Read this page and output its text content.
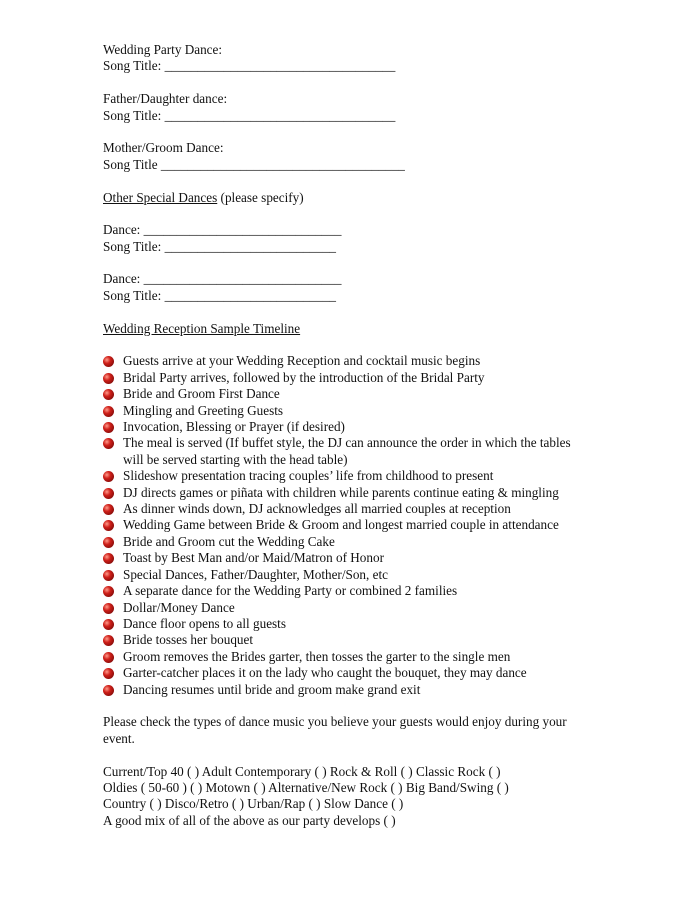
Wedding Party Dance:
Song Title: ___________________________________
Father/Daughter dance:
Song Title: ___________________________________
Mother/Groom Dance:
Song Title _____________________________________
Other Special Dances (please specify)
Dance: ______________________________
Song Title: __________________________
Dance: ______________________________
Song Title: __________________________
Wedding Reception Sample Timeline
Guests arrive at your Wedding Reception and cocktail music begins
Bridal Party arrives, followed by the introduction of the Bridal Party
Bride and Groom First Dance
Mingling and Greeting Guests
Invocation, Blessing or Prayer (if desired)
The meal is served (If buffet style, the DJ can announce the order in which the tables will be served starting with the head table)
Slideshow presentation tracing couples’ life from childhood to present
DJ directs games or piñata with children while parents continue eating & mingling
As dinner winds down, DJ acknowledges all married couples at reception
Wedding Game between Bride & Groom and longest married couple in attendance
Bride and Groom cut the Wedding Cake
Toast by Best Man and/or Maid/Matron of Honor
Special Dances, Father/Daughter, Mother/Son, etc
A separate dance for the Wedding Party or combined 2 families
Dollar/Money Dance
Dance floor opens to all guests
Bride tosses her bouquet
Groom removes the Brides garter, then tosses the garter to the single men
Garter-catcher places it on the lady who caught the bouquet, they may dance
Dancing resumes until bride and groom make grand exit
Please check the types of dance music you believe your guests would enjoy during your event.
Current/Top 40 ( ) Adult Contemporary ( ) Rock & Roll ( ) Classic Rock ( )
Oldies ( 50-60 ) ( ) Motown ( ) Alternative/New Rock ( ) Big Band/Swing ( )
Country ( ) Disco/Retro ( ) Urban/Rap ( ) Slow Dance ( )
A good mix of all of the above as our party develops ( )
